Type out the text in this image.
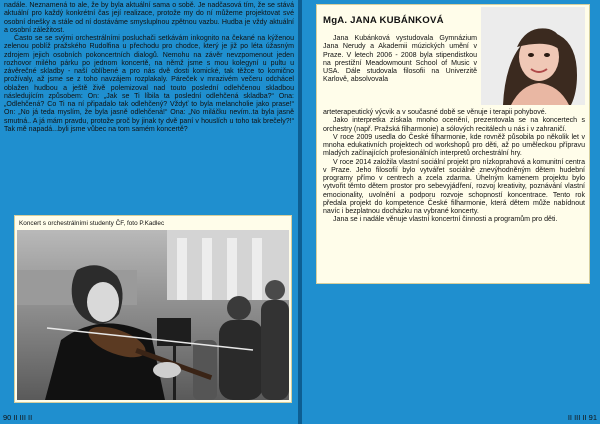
nadále. Neznamená to ale, že by byla aktuální sama o sobě. Je nadčasová tím, že se stává aktuální pro každý konkrétní čas její realizace, protože my do ní můžeme projektovat své osobní dnešky a stále od ní dostáváme smysluplnou zpětnou vazbu. Hudba je vždy aktuální a osobní záležitost.

Často se se svými orchestrálními posluchači setkávám inkognito na čekané na kýženou zelenou poblíž pražského Rudolfina u přechodu pro chodce, který je již po léta úžasným zdrojem jejich osobních pokoncertních dialogů. Nemohu na závěr nevzpomenout jeden rozhovor milého párku po jednom koncertě, na němž jsme s mou kolegyní u pultu u závěrečné skladby - naší oblíbené a pro nás dvě dosti komické, tak těžce to komično prožívaly, až jsme se z toho navzájem rozplakaly. Páreček v mrazivém večeru odchácel oblažen hudbou a ještě živě polemizoval nad touto poslední odlehčenou skladbou následujícím způsobem: On: „Jak se Ti líbila ta poslední odlehčená skladba?“ Ona: „Odlehčená? Co Ti na ní připadalo tak odlehčený? Vždyť to byla melancholie jako prase!“ On: „No já teda myslím, že byla jasně odlehčená!“ Ona: „No miláčku nevím..ta byla jasně smutná.. A já mám pravdu, protože proč by jinak ty dvě paní v houslích u toho tak brečely?!“ Tak mě napadá...byli jsme vůbec na tom samém koncertě?

Koncert s orchestrálními studenty ČF, foto P.Kadlec
90 II III II
MgA. JANA KUBÁNKOVÁ

Jana Kubánková vystudovala Gymnázium Jana Nerudy a Akademii múzických umění v Praze. V letech 2006 - 2008 byla stipendistkou na prestižní Meadowmount School of Music v USA. Dále studovala filosofii na Univerzitě Karlově, absolvovala

arteterapeutický výcvik a v současné době se věnuje i terapii pohybové.

Jako interpretka získala mnoho ocenění, prezentovala se na koncertech s orchestry (např. Pražská filharmonie) a sólových recitálech u nás i v zahraničí.

V roce 2009 usedla do České filharmonie, kde rovněž působila po několik let v mnoha edukativních projektech od workshopů pro děti, až po uměleckou přípravu mladých začínajících profesionálních interpretů orchestrální hry.

V roce 2014 založila vlastní sociální projekt pro nízkoprahová a komunitní centra v Praze. Jeho filosofií bylo vytvářet sociálně znevýhodněným dětem hudební programy přímo v centrech a zcela zdarma. Úhelným kamenem projektu bylo vytvořit těmto dětem prostor pro sebevyjádření, rozvoj kreativity, poznávání vlastní emocionality, uvolnění a podporu rozvoje schopností koncentrace. Tento rok předala projekt do kompetence České filharmonie, která dětem může nabídnout navíc i bezplatnou docházku na vybrané koncerty.

Jana se i nadále věnuje vlastní koncertní činnosti a programům pro děti.

II III II 91
